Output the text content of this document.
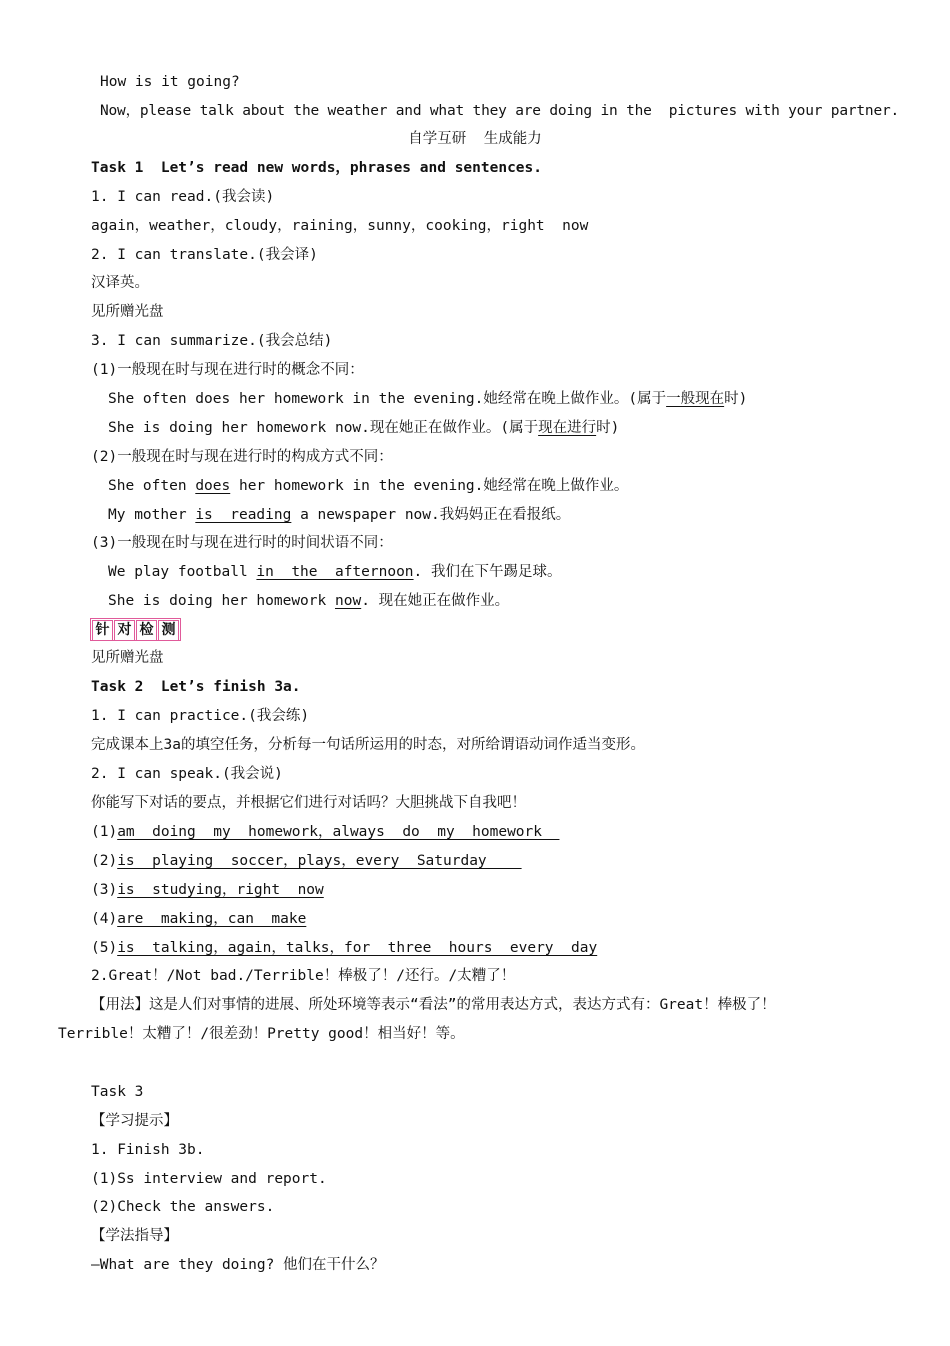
How is it going?
Now，please talk about the weather and what they are doing in the  pictures with your partner.
自学互研  生成能力
Task 1  Let’s read new words，phrases and sentences.
1. I can read.(我会读)
again，weather，cloudy，raining，sunny，cooking，right  now
2. I can translate.(我会译)
汉译英。
见所赠光盘
3. I can summarize.(我会总结)
(1)一般现在时与现在进行时的概念不同：
She often does her homework in the evening.她经常在晚上做作业。(属于一般现在时)
She is doing her homework now.现在她正在做作业。(属于现在进行时)
(2)一般现在时与现在进行时的构成方式不同：
She often does her homework in the evening.她经常在晚上做作业。
My mother is  reading a newspaper now.我妈妈正在看报纸。
(3)一般现在时与现在进行时的时间状语不同：
We play football in  the  afternoon. 我们在下午踢足球。
She is doing her homework now. 现在她正在做作业。
针 对 检 测
见所赠光盘
Task 2  Let’s finish 3a.
1. I can practice.(我会练)
完成课本上3a的填空任务，分析每一句话所运用的时态，对所给谓语动词作适当变形。
2. I can speak.(我会说)
你能写下对话的要点，并根据它们进行对话吗？大胆挑战下自我吧！
(1)am  doing  my  homework，always  do  my  homework
(2)is  playing  soccer，plays，every  Saturday
(3)is  studying，right  now
(4)are  making，can  make
(5)is  talking，again，talks，for  three  hours  every  day
2.Great！/Not bad./Terrible！棒极了！/还行。/太糟了！
【用法】这是人们对事情的进展、所处环境等表示“看法”的常用表达方式，表达方式有：Great！棒极了！
Terrible！太糟了！/很差劲！Pretty good！相当好！等。
Task 3
【学习提示】
1. Finish 3b.
(1)Ss interview and report.
(2)Check the answers.
【学法指导】
—What are they doing? 他们在干什么？
